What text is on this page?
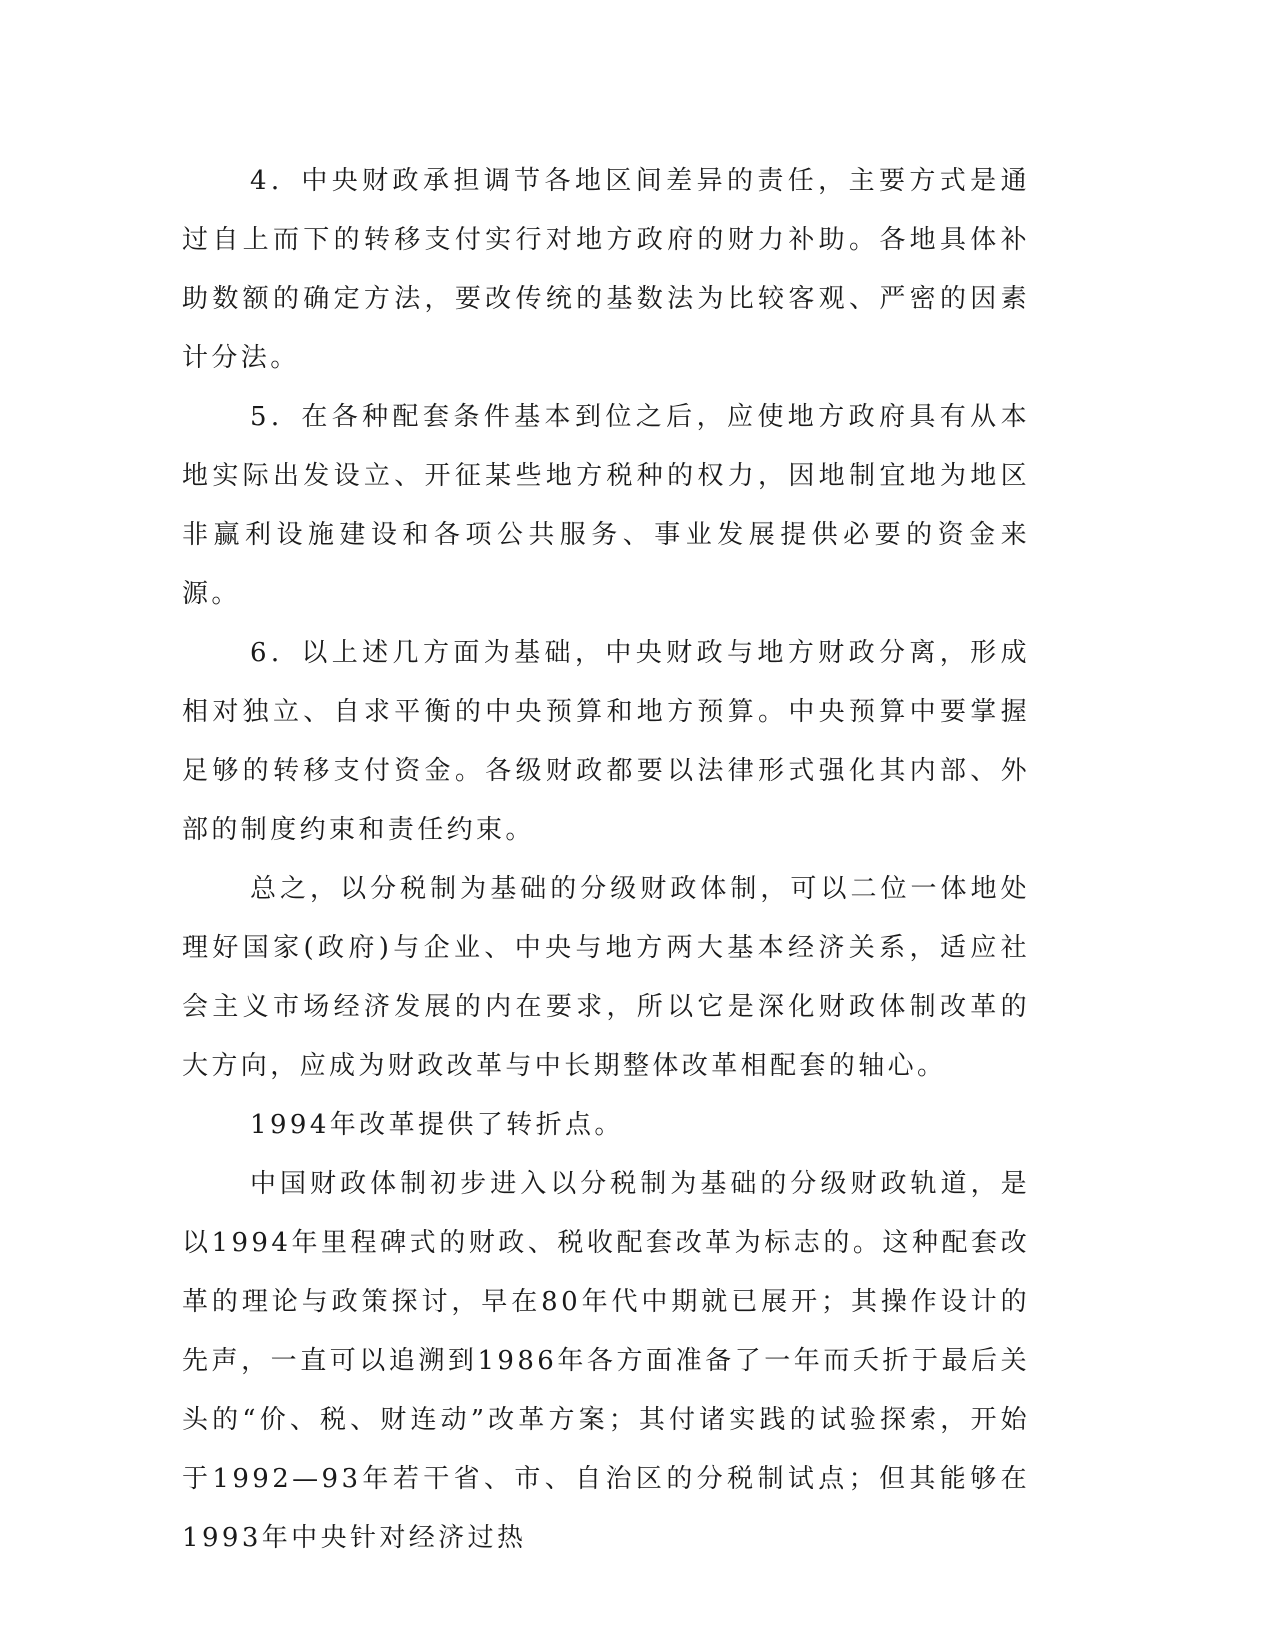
4．中央财政承担调节各地区间差异的责任，主要方式是通过自上而下的转移支付实行对地方政府的财力补助。各地具体补助数额的确定方法，要改传统的基数法为比较客观、严密的因素计分法。

5．在各种配套条件基本到位之后，应使地方政府具有从本地实际出发设立、开征某些地方税种的权力，因地制宜地为地区非赢利设施建设和各项公共服务、事业发展提供必要的资金来源。

6．以上述几方面为基础，中央财政与地方财政分离，形成相对独立、自求平衡的中央预算和地方预算。中央预算中要掌握足够的转移支付资金。各级财政都要以法律形式强化其内部、外部的制度约束和责任约束。

总之，以分税制为基础的分级财政体制，可以二位一体地处理好国家(政府)与企业、中央与地方两大基本经济关系，适应社会主义市场经济发展的内在要求，所以它是深化财政体制改革的大方向，应成为财政改革与中长期整体改革相配套的轴心。

1994年改革提供了转折点。

中国财政体制初步进入以分税制为基础的分级财政轨道，是以1994年里程碑式的财政、税收配套改革为标志的。这种配套改革的理论与政策探讨，早在80年代中期就已展开；其操作设计的先声，一直可以追溯到1986年各方面准备了一年而夭折于最后关头的“价、税、财连动”改革方案；其付诸实践的试验探索，开始于1992—93年若干省、市、自治区的分税制试点；但其能够在1993年中央针对经济过热
